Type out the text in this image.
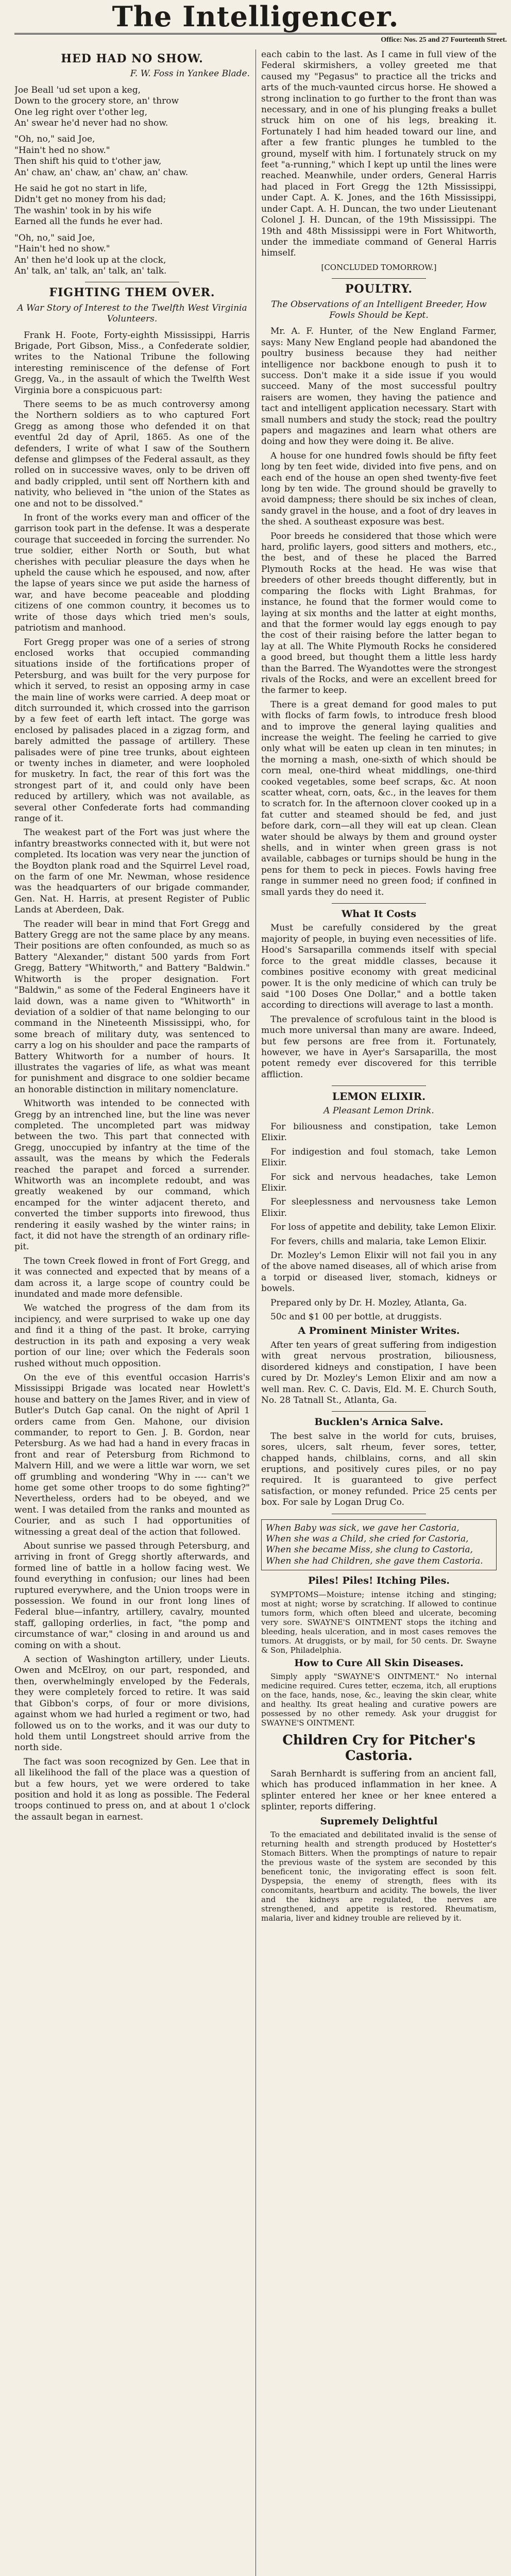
The Intelligencer.
Office: Nos. 25 and 27 Fourteenth Street.
HED HAD NO SHOW.
F. W. Foss in Yankee Blade.

Joe Beall 'ud set upon a keg,

Down to the grocery store, an' throw

One leg right over t'other leg,

An' swear he'd never had no show.

"Oh, no," said Joe,

"Hain't hed no show."

Then shift his quid to t'other jaw,

An' chaw, an' chaw, an' chaw, an' chaw.

He said he got no start in life,

Didn't get no money from his dad;

The washin' took in by his wife

Earned all the funds he ever had.

"Oh, no," said Joe,

"Hain't hed no show."

An' then he'd look up at the clock,

An' talk, an' talk, an' talk, an' talk.

FIGHTING THEM OVER.
A War Story of Interest to the Twelfth West Virginia Volunteers.

Frank H. Foote, Forty-eighth Mississippi, Harris Brigade, Port Gibson, Miss., a Confederate soldier, writes to the National Tribune the following interesting reminiscence of the defense of Fort Gregg, Va., in the assault of which the Twelfth West Virginia bore a conspicuous part:

There seems to be as much controversy among the Northern soldiers as to who captured Fort Gregg as among those who defended it on that eventful 2d day of April, 1865. As one of the defenders, I write of what I saw of the Southern defense and glimpses of the Federal assault, as they rolled on in successive waves, only to be driven off and badly crippled, until sent off Northern kith and nativity, who believed in "the union of the States as one and not to be dissolved."

In front of the works every man and officer of the garrison took part in the defense. It was a desperate courage that succeeded in forcing the surrender. No true soldier, either North or South, but what cherishes with peculiar pleasure the days when he upheld the cause which he espoused, and now, after the lapse of years since we put aside the harness of war, and have become peaceable and plodding citizens of one common country, it becomes us to write of those days which tried men's souls, patriotism and manhood.

Fort Gregg proper was one of a series of strong enclosed works that occupied commanding situations inside of the fortifications proper of Petersburg, and was built for the very purpose for which it served, to resist an opposing army in case the main line of works were carried. A deep moat or ditch surrounded it, which crossed into the garrison by a few feet of earth left intact. The gorge was enclosed by palisades placed in a zigzag form, and barely admitted the passage of artillery. These palisades were of pine tree trunks, about eighteen or twenty inches in diameter, and were loopholed for musketry. In fact, the rear of this fort was the strongest part of it, and could only have been reduced by artillery, which was not available, as several other Confederate forts had commanding range of it.

The weakest part of the Fort was just where the infantry breastworks connected with it, but were not completed. Its location was very near the junction of the Boydton plank road and the Squirrel Level road, on the farm of one Mr. Newman, whose residence was the headquarters of our brigade commander, Gen. Nat. H. Harris, at present Register of Public Lands at Aberdeen, Dak.

The reader will bear in mind that Fort Gregg and Battery Gregg are not the same place by any means. Their positions are often confounded, as much so as Battery "Alexander," distant 500 yards from Fort Gregg, Battery "Whitworth," and Battery "Baldwin." Whitworth is the proper designation. Fort "Baldwin," as some of the Federal Engineers have it laid down, was a name given to "Whitworth" in deviation of a soldier of that name belonging to our command in the Nineteenth Mississippi, who, for some breach of military duty, was sentenced to carry a log on his shoulder and pace the ramparts of Battery Whitworth for a number of hours. It illustrates the vagaries of life, as what was meant for punishment and disgrace to one soldier became an honorable distinction in military nomenclature.

Whitworth was intended to be connected with Gregg by an intrenched line, but the line was never completed. The uncompleted part was midway between the two. This part that connected with Gregg, unoccupied by infantry at the time of the assault, was the means by which the Federals reached the parapet and forced a surrender. Whitworth was an incomplete redoubt, and was greatly weakened by our command, which encamped for the winter adjacent thereto, and converted the timber supports into firewood, thus rendering it easily washed by the winter rains; in fact, it did not have the strength of an ordinary rifle-pit.

The town Creek flowed in front of Fort Gregg, and it was connected and expected that by means of a dam across it, a large scope of country could be inundated and made more defensible.

We watched the progress of the dam from its incipiency, and were surprised to wake up one day and find it a thing of the past. It broke, carrying destruction in its path and exposing a very weak portion of our line; over which the Federals soon rushed without much opposition.

On the eve of this eventful occasion Harris's Mississippi Brigade was located near Howlett's house and battery on the James River, and in view of Butler's Dutch Gap canal. On the night of April 1 orders came from Gen. Mahone, our division commander, to report to Gen. J. B. Gordon, near Petersburg. As we had had a hand in every fracas in front and rear of Petersburg from Richmond to Malvern Hill, and we were a little war worn, we set off grumbling and wondering "Why in ---- can't we home get some other troops to do some fighting?" Nevertheless, orders had to be obeyed, and we went. I was detailed from the ranks and mounted as Courier, and as such I had opportunities of witnessing a great deal of the action that followed.

About sunrise we passed through Petersburg, and arriving in front of Gregg shortly afterwards, and formed line of battle in a hollow facing west. We found everything in confusion; our lines had been ruptured everywhere, and the Union troops were in possession. We found in our front long lines of Federal blue—infantry, artillery, cavalry, mounted staff, galloping orderlies, in fact, "the pomp and circumstance of war," closing in and around us and coming on with a shout.

A section of Washington artillery, under Lieuts. Owen and McElroy, on our part, responded, and then, overwhelmingly enveloped by the Federals, they were completely forced to retire. It was said that Gibbon's corps, of four or more divisions, against whom we had hurled a regiment or two, had followed us on to the works, and it was our duty to hold them until Longstreet should arrive from the north side.

The fact was soon recognized by Gen. Lee that in all likelihood the fall of the place was a question of but a few hours, yet we were ordered to take position and hold it as long as possible. The Federal troops continued to press on, and at about 1 o'clock the assault began in earnest.

each cabin to the last. As I came in full view of the Federal skirmishers, a volley greeted me that caused my "Pegasus" to practice all the tricks and arts of the much-vaunted circus horse. He showed a strong inclination to go further to the front than was necessary, and in one of his plunging freaks a bullet struck him on one of his legs, breaking it. Fortunately I had him headed toward our line, and after a few frantic plunges he tumbled to the ground, myself with him. I fortunately struck on my feet "a-running," which I kept up until the lines were reached. Meanwhile, under orders, General Harris had placed in Fort Gregg the 12th Mississippi, under Capt. A. K. Jones, and the 16th Mississippi, under Capt. A. H. Duncan, the two under Lieutenant Colonel J. H. Duncan, of the 19th Mississippi. The 19th and 48th Mississippi were in Fort Whitworth, under the immediate command of General Harris himself.

[CONCLUDED TOMORROW.]
POULTRY.
The Observations of an Intelligent Breeder, How Fowls Should be Kept.

Mr. A. F. Hunter, of the New England Farmer, says: Many New England people had abandoned the poultry business because they had neither intelligence nor backbone enough to push it to success. Don't make it a side issue if you would succeed. Many of the most successful poultry raisers are women, they having the patience and tact and intelligent application necessary. Start with small numbers and study the stock; read the poultry papers and magazines and learn what others are doing and how they were doing it. Be alive.

A house for one hundred fowls should be fifty feet long by ten feet wide, divided into five pens, and on each end of the house an open shed twenty-five feet long by ten wide. The ground should be gravelly to avoid dampness; there should be six inches of clean, sandy gravel in the house, and a foot of dry leaves in the shed. A southeast exposure was best.

Poor breeds he considered that those which were hard, prolific layers, good sitters and mothers, etc., the best, and of these he placed the Barred Plymouth Rocks at the head. He was wise that breeders of other breeds thought differently, but in comparing the flocks with Light Brahmas, for instance, he found that the former would come to laying at six months and the latter at eight months, and that the former would lay eggs enough to pay the cost of their raising before the latter began to lay at all. The White Plymouth Rocks he considered a good breed, but thought them a little less hardy than the Barred. The Wyandottes were the strongest rivals of the Rocks, and were an excellent breed for the farmer to keep.

There is a great demand for good males to put with flocks of farm fowls, to introduce fresh blood and to improve the general laying qualities and increase the weight. The feeling he carried to give only what will be eaten up clean in ten minutes; in the morning a mash, one-sixth of which should be corn meal, one-third wheat middlings, one-third cooked vegetables, some beef scraps, &c. At noon scatter wheat, corn, oats, &c., in the leaves for them to scratch for. In the afternoon clover cooked up in a fat cutter and steamed should be fed, and just before dark, corn—all they will eat up clean. Clean water should be always by them and ground oyster shells, and in winter when green grass is not available, cabbages or turnips should be hung in the pens for them to peck in pieces. Fowls having free range in summer need no green food; if confined in small yards they do need it.

What It Costs

Must be carefully considered by the great majority of people, in buying even necessities of life. Hood's Sarsaparilla commends itself with special force to the great middle classes, because it combines positive economy with great medicinal power. It is the only medicine of which can truly be said "100 Doses One Dollar," and a bottle taken according to directions will average to last a month.

The prevalence of scrofulous taint in the blood is much more universal than many are aware. Indeed, but few persons are free from it. Fortunately, however, we have in Ayer's Sarsaparilla, the most potent remedy ever discovered for this terrible affliction.

LEMON ELIXIR.
A Pleasant Lemon Drink.

For biliousness and constipation, take Lemon Elixir.

For indigestion and foul stomach, take Lemon Elixir.

For sick and nervous headaches, take Lemon Elixir.

For sleeplessness and nervousness take Lemon Elixir.

For loss of appetite and debility, take Lemon Elixir.

For fevers, chills and malaria, take Lemon Elixir.

Dr. Mozley's Lemon Elixir will not fail you in any of the above named diseases, all of which arise from a torpid or diseased liver, stomach, kidneys or bowels.

Prepared only by Dr. H. Mozley, Atlanta, Ga.

50c and $1 00 per bottle, at druggists.

A Prominent Minister Writes.

After ten years of great suffering from indigestion with great nervous prostration, biliousness, disordered kidneys and constipation, I have been cured by Dr. Mozley's Lemon Elixir and am now a well man. Rev. C. C. Davis, Eld. M. E. Church South, No. 28 Tatnall St., Atlanta, Ga.

Bucklen's Arnica Salve.

The best salve in the world for cuts, bruises, sores, ulcers, salt rheum, fever sores, tetter, chapped hands, chilblains, corns, and all skin eruptions, and positively cures piles, or no pay required. It is guaranteed to give perfect satisfaction, or money refunded. Price 25 cents per box. For sale by Logan Drug Co.

When Baby was sick, we gave her Castoria,

When she was a Child, she cried for Castoria,

When she became Miss, she clung to Castoria,

When she had Children, she gave them Castoria.

Piles! Piles! Itching Piles.

SYMPTOMS—Moisture; intense itching and stinging; most at night; worse by scratching. If allowed to continue tumors form, which often bleed and ulcerate, becoming very sore. SWAYNE'S OINTMENT stops the itching and bleeding, heals ulceration, and in most cases removes the tumors. At druggists, or by mail, for 50 cents. Dr. Swayne & Son, Philadelphia.

How to Cure All Skin Diseases.

Simply apply "SWAYNE'S OINTMENT." No internal medicine required. Cures tetter, eczema, itch, all eruptions on the face, hands, nose, &c., leaving the skin clear, white and healthy. Its great healing and curative powers are possessed by no other remedy. Ask your druggist for SWAYNE'S OINTMENT.

Children Cry for Pitcher's Castoria.

Sarah Bernhardt is suffering from an ancient fall, which has produced inflammation in her knee. A splinter entered her knee or her knee entered a splinter, reports differing.

Supremely Delightful

To the emaciated and debilitated invalid is the sense of returning health and strength produced by Hostetter's Stomach Bitters. When the promptings of nature to repair the previous waste of the system are seconded by this beneficent tonic, the invigorating effect is soon felt. Dyspepsia, the enemy of strength, flees with its concomitants, heartburn and acidity. The bowels, the liver and the kidneys are regulated, the nerves are strengthened, and appetite is restored. Rheumatism, malaria, liver and kidney trouble are relieved by it.
